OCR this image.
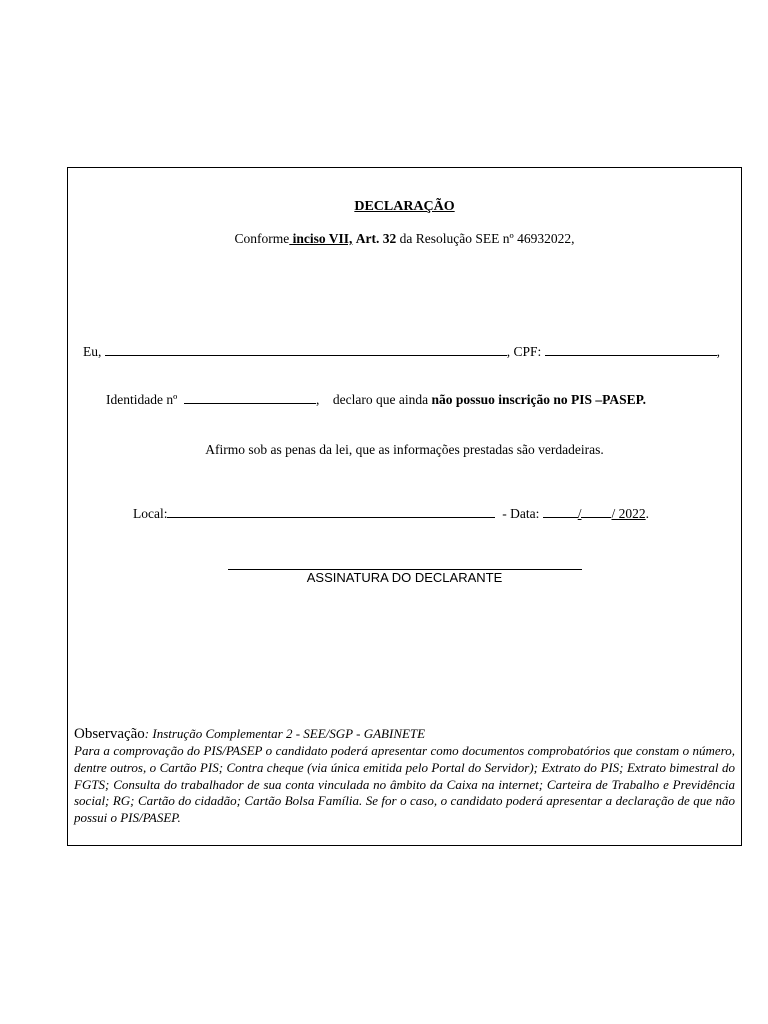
DECLARAÇÃO
Conforme inciso VII, Art. 32 da Resolução SEE nº 46932022,
Eu,	, CPF:	,
Identidade nº	, declaro que ainda não possuo inscrição no PIS –PASEP.
Afirmo sob as penas da lei, que as informações prestadas são verdadeiras.
Local:	- Data:	/ / 2022.
ASSINATURA DO DECLARANTE
Observação: Instrução Complementar 2 - SEE/SGP - GABINETE
Para a comprovação do PIS/PASEP o candidato poderá apresentar como documentos comprobatórios que constam o número, dentre outros, o Cartão PIS; Contra cheque (via única emitida pelo Portal do Servidor); Extrato do PIS; Extrato bimestral do FGTS; Consulta do trabalhador de sua conta vinculada no âmbito da Caixa na internet; Carteira de Trabalho e Previdência social; RG; Cartão do cidadão; Cartão Bolsa Família. Se for o caso, o candidato poderá apresentar a declaração de que não possui o PIS/PASEP.
